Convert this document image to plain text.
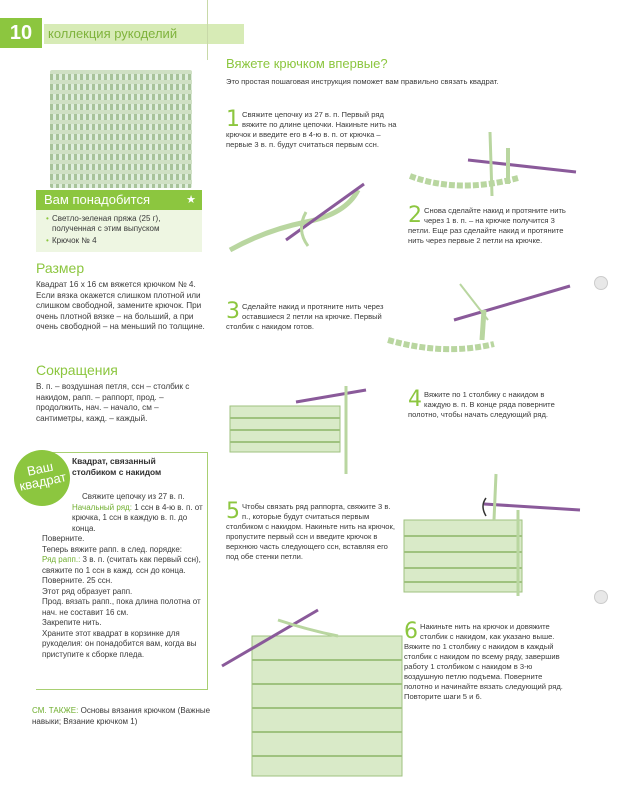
10	коллекция рукоделий
Вам понадобится	★
• Светло-зеленая пряжа (25 г), полученная с этим выпуском
• Крючок № 4
Размер
Квадрат 16 х 16 см вяжется крючком № 4. Если вязка окажется слишком плотной или слишком свободной, замените крючок. При очень плотной вязке – на больший, а при очень свободной – на меньший по толщине.
Сокращения
В. п. – воздушная петля, ссн – столбик с накидом, рапп. – раппорт, прод. – продолжить, нач. – начало, см – сантиметры, кажд. – каждый.
Ваш квадрат
Квадрат, связанный столбиком с накидом
Свяжите цепочку из 27 в. п.
Начальный ряд: 1 ссн в 4-ю в. п. от крючка, 1 ссн в каждую в. п. до конца.
Поверните.
Теперь вяжите рапп. в след. порядке:
Ряд рапп.: 3 в. п. (считать как первый ссн), свяжите по 1 ссн в кажд. ссн до конца. Поверните. 25 ссн.
Этот ряд образует рапп.
Прод. вязать рапп., пока длина полотна от нач. не составит 16 см.
Закрепите нить.
Храните этот квадрат в корзинке для рукоделия: он понадобится вам, когда вы приступите к сборке пледа.
СМ. ТАКЖЕ: Основы вязания крючком (Важные навыки; Вязание крючком 1)
Вяжете крючком впервые?
Это простая пошаговая инструкция поможет вам правильно связать квадрат.
1 Свяжите цепочку из 27 в. п. Первый ряд вяжите по длине цепочки. Накиньте нить на крючок и введите его в 4-ю в. п. от крючка – первые 3 в. п. будут считаться первым ссн.
2 Снова сделайте накид и протяните нить через 1 в. п. – на крючке получится 3 петли. Еще раз сделайте накид и протяните нить через первые 2 петли на крючке.
3 Сделайте накид и протяните нить через оставшиеся 2 петли на крючке. Первый столбик с накидом готов.
4 Вяжите по 1 столбику с накидом в каждую в. п. В конце ряда поверните полотно, чтобы начать следующий ряд.
5 Чтобы связать ряд раппорта, свяжите 3 в. п., которые будут считаться первым столбиком с накидом. Накиньте нить на крючок, пропустите первый ссн и введите крючок в верхнюю часть следующего ссн, вставляя его под обе стенки петли.
6 Накиньте нить на крючок и довяжите столбик с накидом, как указано выше. Вяжите по 1 столбику с накидом в каждый столбик с накидом по всему ряду, завершив работу 1 столбиком с накидом в 3-ю воздушную петлю подъема. Поверните полотно и начинайте вязать следующий ряд. Повторите шаги 5 и 6.
